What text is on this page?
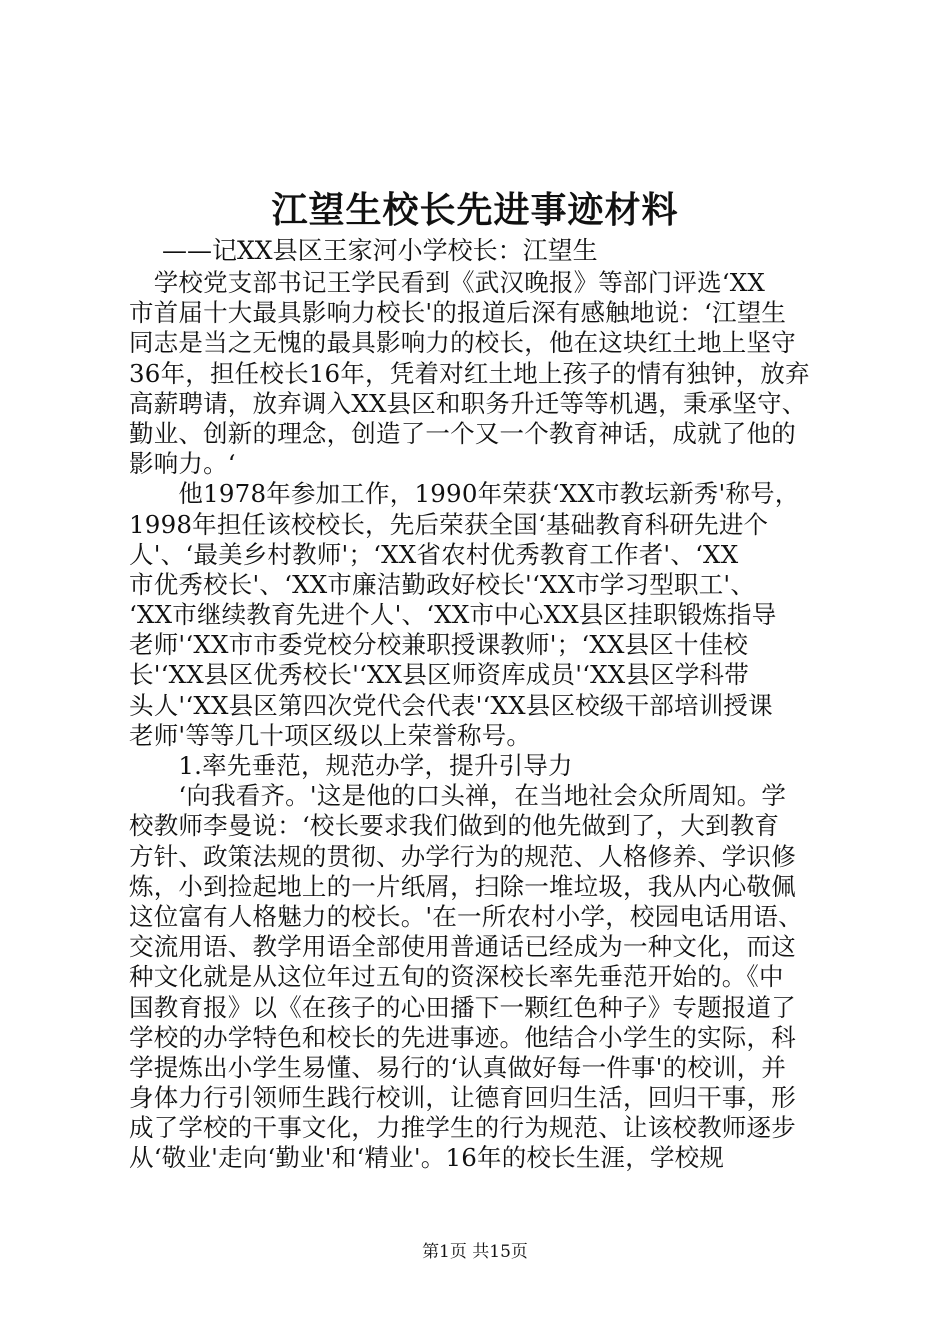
江望生校长先进事迹材料
——记XX县区王家河小学校长：江望生
　学校党支部书记王学民看到《武汉晚报》等部门评选‘XX
市首届十大最具影响力校长'的报道后深有感触地说：‘江望生
同志是当之无愧的最具影响力的校长，他在这块红土地上坚守
36年，担任校长16年，凭着对红土地上孩子的情有独钟，放弃
高薪聘请，放弃调入XX县区和职务升迁等等机遇，秉承坚守、
勤业、创新的理念，创造了一个又一个教育神话，成就了他的
影响力。‘
　　他1978年参加工作，1990年荣获‘XX市教坛新秀'称号，
1998年担任该校校长，先后荣获全国‘基础教育科研先进个
人'、‘最美乡村教师'；‘XX省农村优秀教育工作者'、‘XX
市优秀校长'、‘XX市廉洁勤政好校长'‘XX市学习型职工'、
‘XX市继续教育先进个人'、‘XX市中心XX县区挂职锻炼指导
老师'‘XX市市委党校分校兼职授课教师'；‘XX县区十佳校
长'‘XX县区优秀校长'‘XX县区师资库成员'‘XX县区学科带
头人'‘XX县区第四次党代会代表'‘XX县区校级干部培训授课
老师'等等几十项区级以上荣誉称号。
　　1.率先垂范，规范办学，提升引导力
　　‘向我看齐。'这是他的口头禅，在当地社会众所周知。学
校教师李曼说：‘校长要求我们做到的他先做到了，大到教育
方针、政策法规的贯彻、办学行为的规范、人格修养、学识修
炼，小到捡起地上的一片纸屑，扫除一堆垃圾，我从内心敬佩
这位富有人格魅力的校长。'在一所农村小学，校园电话用语、
交流用语、教学用语全部使用普通话已经成为一种文化，而这
种文化就是从这位年过五旬的资深校长率先垂范开始的。《中
国教育报》以《在孩子的心田播下一颗红色种子》专题报道了
学校的办学特色和校长的先进事迹。他结合小学生的实际，科
学提炼出小学生易懂、易行的‘认真做好每一件事'的校训，并
身体力行引领师生践行校训，让德育回归生活，回归干事，形
成了学校的干事文化，力推学生的行为规范、让该校教师逐步
从‘敬业'走向‘勤业'和‘精业'。16年的校长生涯，学校规
第1页 共15页
